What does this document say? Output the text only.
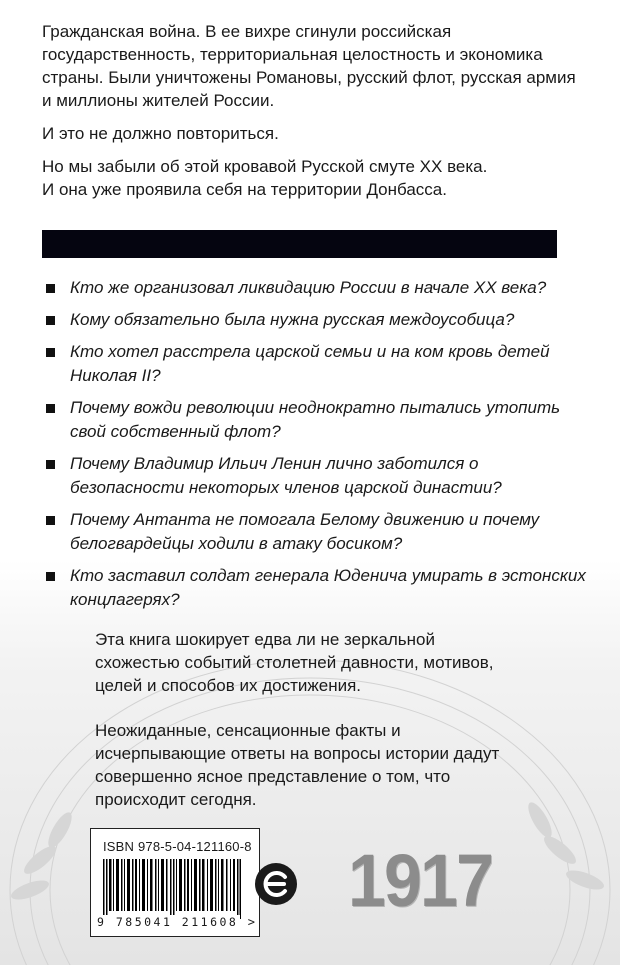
Гражданская война. В ее вихре сгинули российская государственность, территориальная целостность и экономика страны. Были уничтожены Романовы, русский флот, русская армия и миллионы жителей России.

И это не должно повториться.

Но мы забыли об этой кровавой Русской смуте XX века.
И она уже проявила себя на территории Донбасса.

Кто же организовал ликвидацию России в начале XX века?
Кому обязательно была нужна русская междоусобица?
Кто хотел расстрела царской семьи и на ком кровь детей Николая II?
Почему вожди революции неоднократно пытались утопить свой собственный флот?
Почему Владимир Ильич Ленин лично заботился о безопасности некоторых членов царской династии?
Почему Антанта не помогала Белому движению и почему белогвардейцы ходили в атаку босиком?
Кто заставил солдат генерала Юденича умирать в эстонских концлагерях?

Эта книга шокирует едва ли не зеркальной схожестью событий столетней давности, мотивов, целей и способов их достижения.

Неожиданные, сенсационные факты и исчерпывающие ответы на вопросы истории дадут совершенно ясное представление о том, что происходит сегодня.

ISBN 978-5-04-121160-8
9 785041 211608 > 1917
